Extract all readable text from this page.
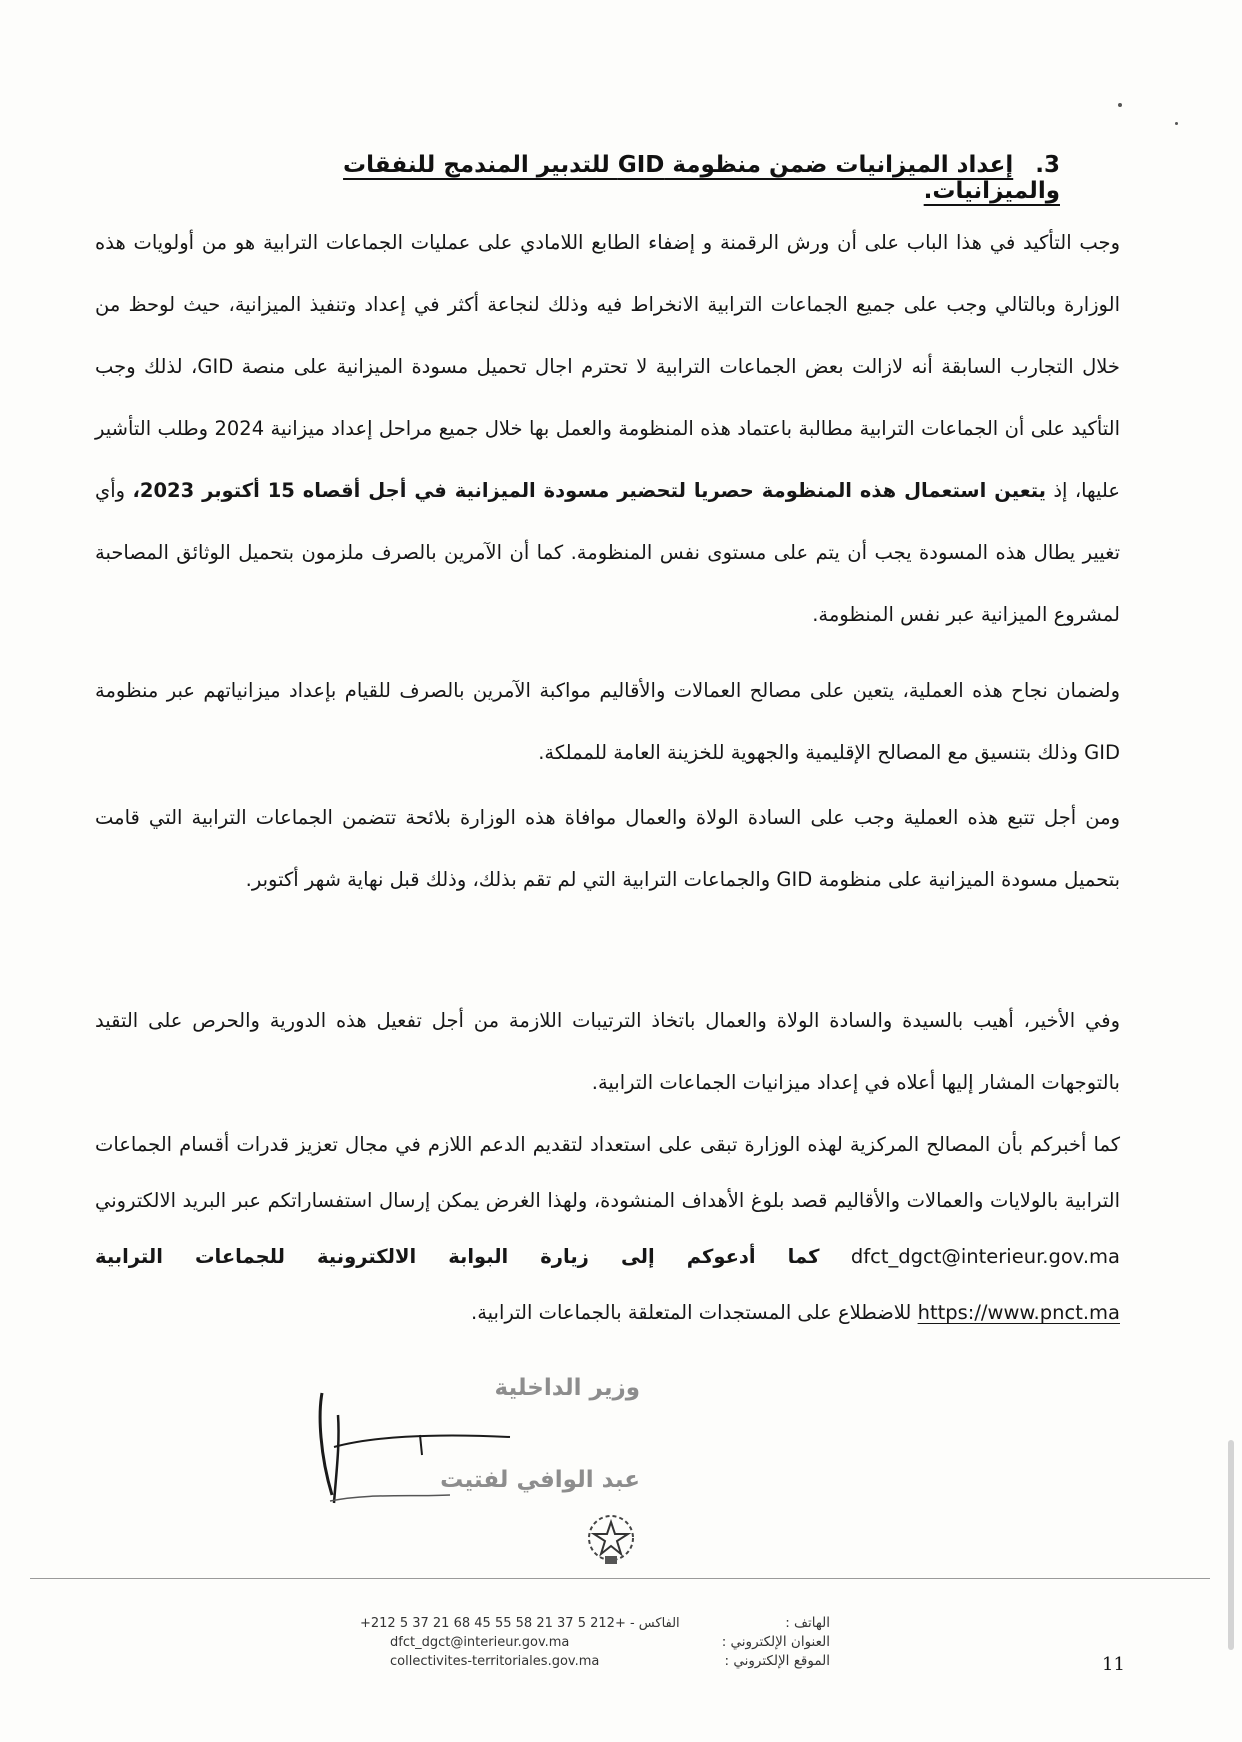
3. إعداد الميزانيات ضمن منظومة GID للتدبير المندمج للنفقات والميزانيات.

وجب التأكيد في هذا الباب على أن ورش الرقمنة و إضفاء الطابع اللامادي على عمليات الجماعات الترابية هو من أولويات هذه الوزارة وبالتالي وجب على جميع الجماعات الترابية الانخراط فيه وذلك لنجاعة أكثر في إعداد وتنفيذ الميزانية، حيث لوحظ من خلال التجارب السابقة أنه لازالت بعض الجماعات الترابية لا تحترم اجال تحميل مسودة الميزانية على منصة GID، لذلك وجب التأكيد على أن الجماعات الترابية مطالبة باعتماد هذه المنظومة والعمل بها خلال جميع مراحل إعداد ميزانية 2024 وطلب التأشير عليها، إذ يتعين استعمال هذه المنظومة حصريا لتحضير مسودة الميزانية في أجل أقصاه 15 أكتوبر 2023، وأي تغيير يطال هذه المسودة يجب أن يتم على مستوى نفس المنظومة. كما أن الآمرين بالصرف ملزمون بتحميل الوثائق المصاحبة لمشروع الميزانية عبر نفس المنظومة.

ولضمان نجاح هذه العملية، يتعين على مصالح العمالات والأقاليم مواكبة الآمرين بالصرف للقيام بإعداد ميزانياتهم عبر منظومة GID وذلك بتنسيق مع المصالح الإقليمية والجهوية للخزينة العامة للمملكة.

ومن أجل تتبع هذه العملية وجب على السادة الولاة والعمال موافاة هذه الوزارة بلائحة تتضمن الجماعات الترابية التي قامت بتحميل مسودة الميزانية على منظومة GID والجماعات الترابية التي لم تقم بذلك، وذلك قبل نهاية شهر أكتوبر.

وفي الأخير، أهيب بالسيدة والسادة الولاة والعمال باتخاذ الترتيبات اللازمة من أجل تفعيل هذه الدورية والحرص على التقيد بالتوجهات المشار إليها أعلاه في إعداد ميزانيات الجماعات الترابية.

كما أخبركم بأن المصالح المركزية لهذه الوزارة تبقى على استعداد لتقديم الدعم اللازم في مجال تعزيز قدرات أقسام الجماعات الترابية بالولايات والعمالات والأقاليم قصد بلوغ الأهداف المنشودة، ولهذا الغرض يمكن إرسال استفساراتكم عبر البريد الالكتروني dfct_dgct@interieur.gov.ma كما أدعوكم إلى زيارة البوابة الالكترونية للجماعات الترابية https://www.pnct.ma للاضطلاع على المستجدات المتعلقة بالجماعات الترابية.

وزير الداخلية
عبد الوافي لفتيت
+212 5 37 21 68 45 الفاكس - +212 5 37 21 58 55	الهاتف :
dfct_dgct@interieur.gov.ma	العنوان الإلكتروني :
collectivites-territoriales.gov.ma	الموقع الإلكتروني :	11
